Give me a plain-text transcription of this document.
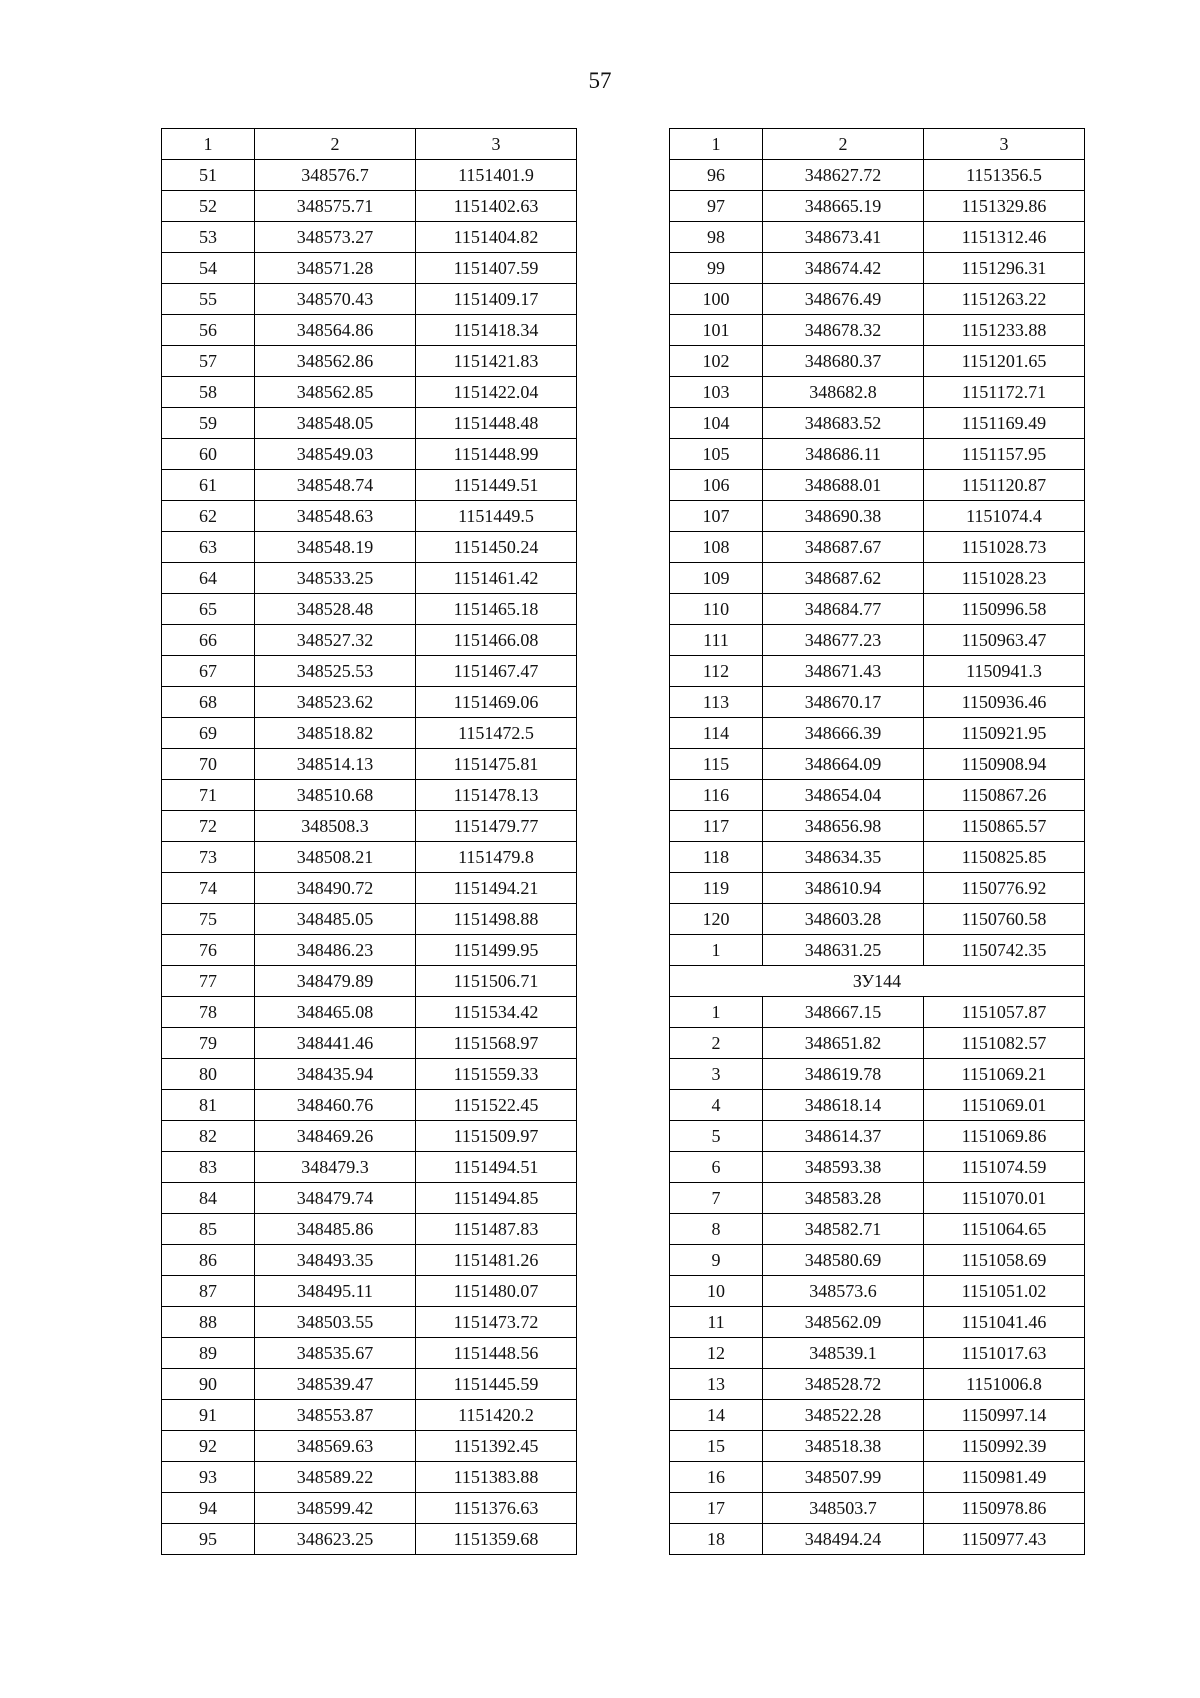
57
1	2	3
51	348576.7	1151401.9
52	348575.71	1151402.63
53	348573.27	1151404.82
54	348571.28	1151407.59
55	348570.43	1151409.17
56	348564.86	1151418.34
57	348562.86	1151421.83
58	348562.85	1151422.04
59	348548.05	1151448.48
60	348549.03	1151448.99
61	348548.74	1151449.51
62	348548.63	1151449.5
63	348548.19	1151450.24
64	348533.25	1151461.42
65	348528.48	1151465.18
66	348527.32	1151466.08
67	348525.53	1151467.47
68	348523.62	1151469.06
69	348518.82	1151472.5
70	348514.13	1151475.81
71	348510.68	1151478.13
72	348508.3	1151479.77
73	348508.21	1151479.8
74	348490.72	1151494.21
75	348485.05	1151498.88
76	348486.23	1151499.95
77	348479.89	1151506.71
78	348465.08	1151534.42
79	348441.46	1151568.97
80	348435.94	1151559.33
81	348460.76	1151522.45
82	348469.26	1151509.97
83	348479.3	1151494.51
84	348479.74	1151494.85
85	348485.86	1151487.83
86	348493.35	1151481.26
87	348495.11	1151480.07
88	348503.55	1151473.72
89	348535.67	1151448.56
90	348539.47	1151445.59
91	348553.87	1151420.2
92	348569.63	1151392.45
93	348589.22	1151383.88
94	348599.42	1151376.63
95	348623.25	1151359.68
1	2	3
96	348627.72	1151356.5
97	348665.19	1151329.86
98	348673.41	1151312.46
99	348674.42	1151296.31
100	348676.49	1151263.22
101	348678.32	1151233.88
102	348680.37	1151201.65
103	348682.8	1151172.71
104	348683.52	1151169.49
105	348686.11	1151157.95
106	348688.01	1151120.87
107	348690.38	1151074.4
108	348687.67	1151028.73
109	348687.62	1151028.23
110	348684.77	1150996.58
111	348677.23	1150963.47
112	348671.43	1150941.3
113	348670.17	1150936.46
114	348666.39	1150921.95
115	348664.09	1150908.94
116	348654.04	1150867.26
117	348656.98	1150865.57
118	348634.35	1150825.85
119	348610.94	1150776.92
120	348603.28	1150760.58
1	348631.25	1150742.35
ЗУ144		
1	348667.15	1151057.87
2	348651.82	1151082.57
3	348619.78	1151069.21
4	348618.14	1151069.01
5	348614.37	1151069.86
6	348593.38	1151074.59
7	348583.28	1151070.01
8	348582.71	1151064.65
9	348580.69	1151058.69
10	348573.6	1151051.02
11	348562.09	1151041.46
12	348539.1	1151017.63
13	348528.72	1151006.8
14	348522.28	1150997.14
15	348518.38	1150992.39
16	348507.99	1150981.49
17	348503.7	1150978.86
18	348494.24	1150977.43
